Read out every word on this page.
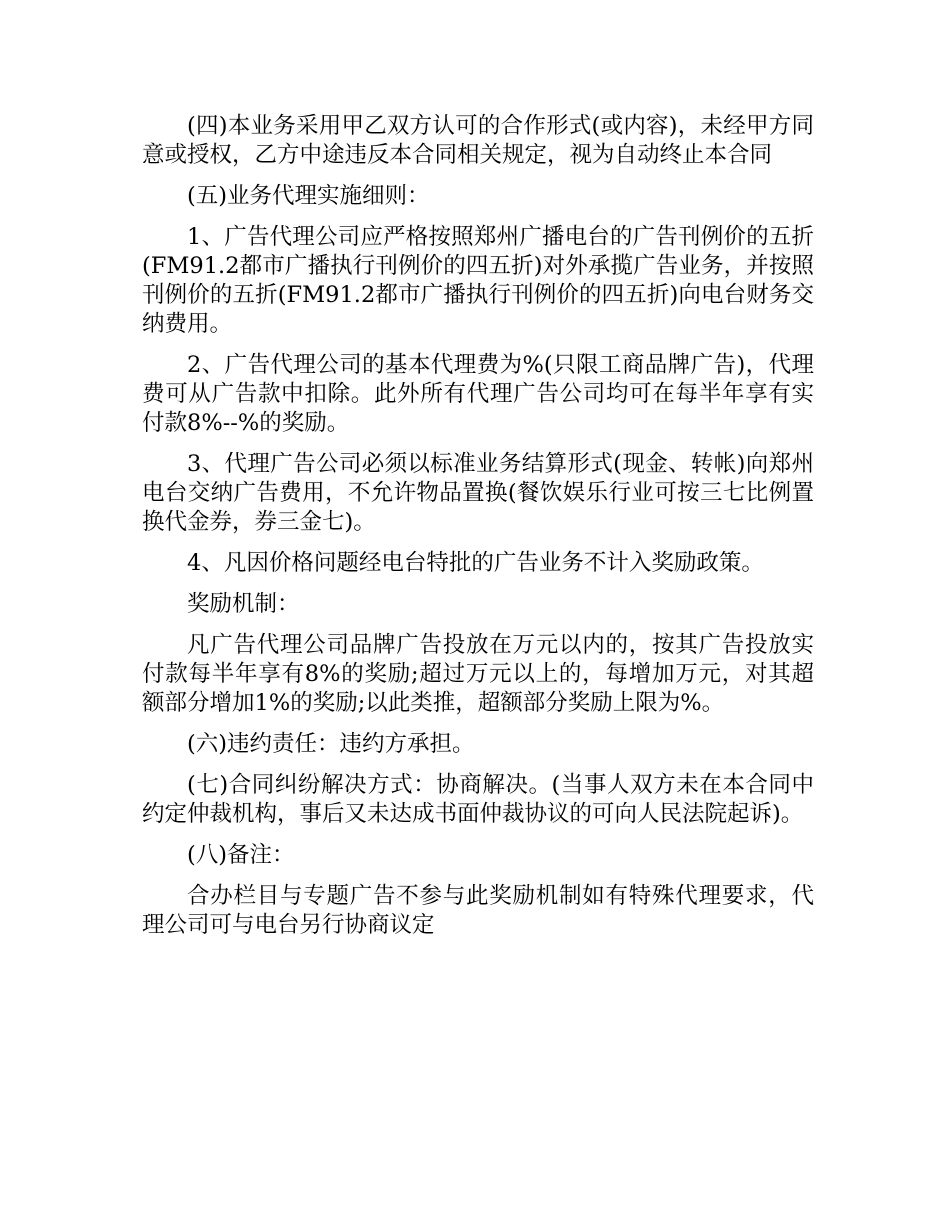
(四)本业务采用甲乙双方认可的合作形式(或内容)，未经甲方同意或授权，乙方中途违反本合同相关规定，视为自动终止本合同

(五)业务代理实施细则：

1、广告代理公司应严格按照郑州广播电台的广告刊例价的五折(FM91.2都市广播执行刊例价的四五折)对外承揽广告业务，并按照刊例价的五折(FM91.2都市广播执行刊例价的四五折)向电台财务交纳费用。

2、广告代理公司的基本代理费为%(只限工商品牌广告)，代理费可从广告款中扣除。此外所有代理广告公司均可在每半年享有实付款8%--%的奖励。

3、代理广告公司必须以标准业务结算形式(现金、转帐)向郑州电台交纳广告费用，不允许物品置换(餐饮娱乐行业可按三七比例置换代金券，券三金七)。

4、凡因价格问题经电台特批的广告业务不计入奖励政策。

奖励机制：

凡广告代理公司品牌广告投放在万元以内的，按其广告投放实付款每半年享有8%的奖励;超过万元以上的，每增加万元，对其超额部分增加1%的奖励;以此类推，超额部分奖励上限为%。

(六)违约责任：违约方承担。

(七)合同纠纷解决方式：协商解决。(当事人双方未在本合同中约定仲裁机构，事后又未达成书面仲裁协议的可向人民法院起诉)。

(八)备注：

合办栏目与专题广告不参与此奖励机制如有特殊代理要求，代理公司可与电台另行协商议定
